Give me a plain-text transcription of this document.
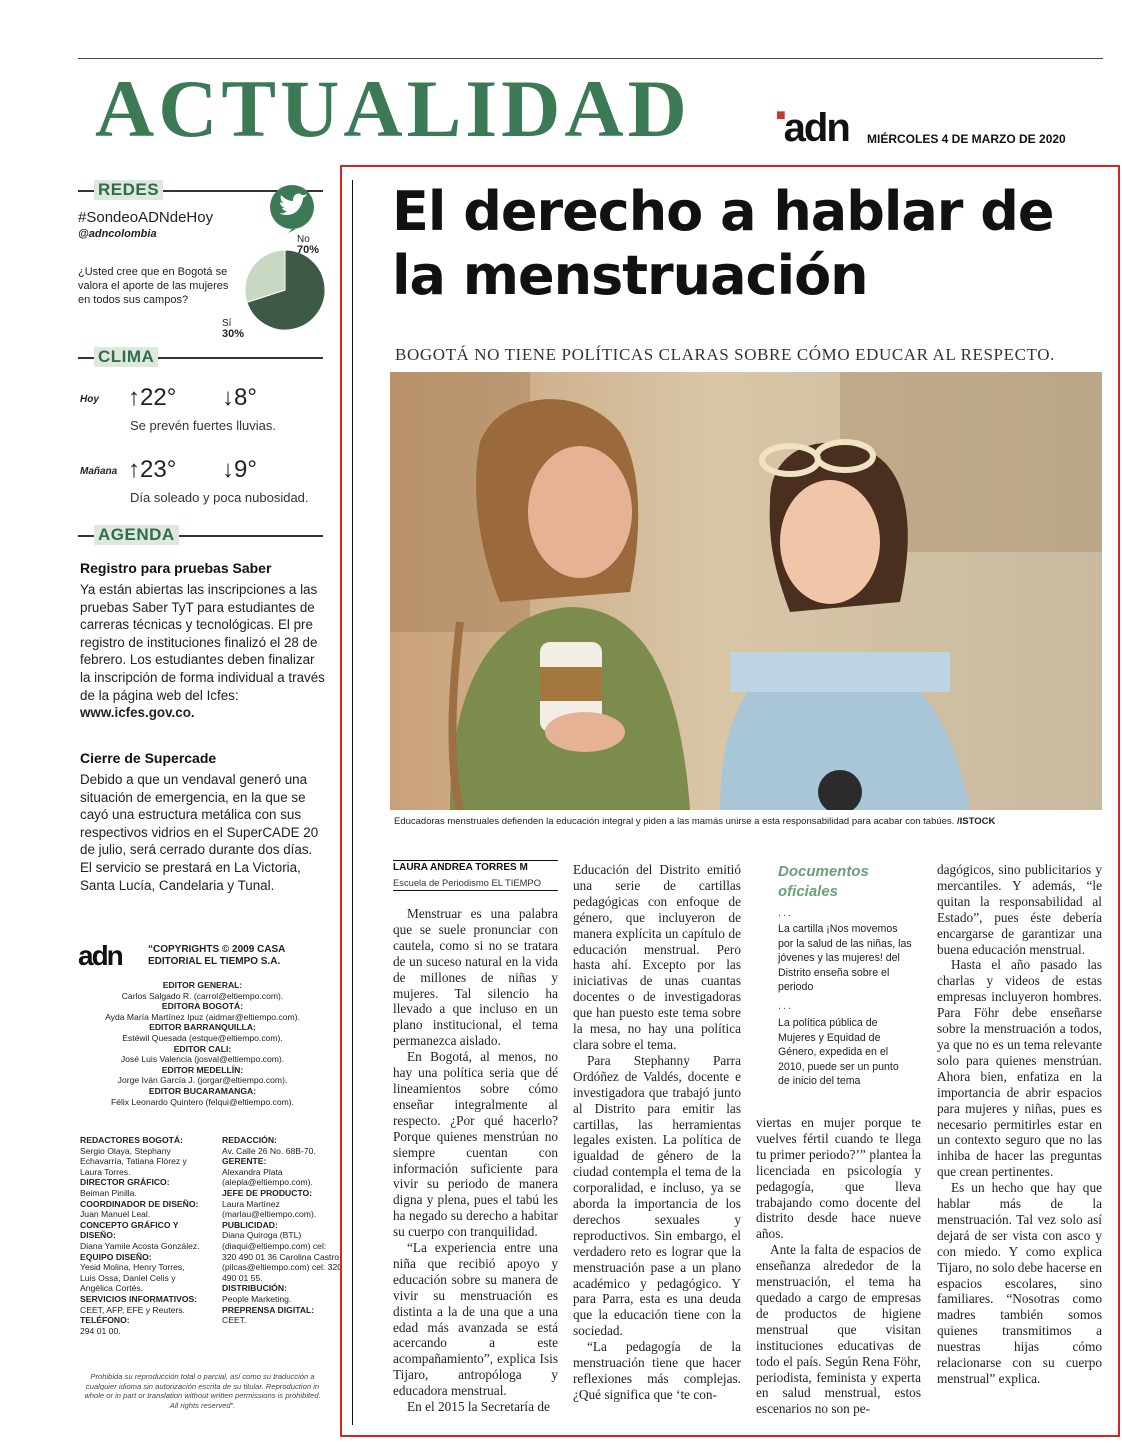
ACTUALIDAD	■adn MIÉRCOLES 4 DE MARZO DE 2020
REDES
#SondeoADNdeHoy
@adncolombia
¿Usted cree que en Bogotá se valora el aporte de las mujeres en todos sus campos?
No
70%
Sí
30%
CLIMA
Hoy ↑22° ↓8°
Se prevén fuertes lluvias.
Mañana ↑23° ↓9°
Día soleado y poca nubosidad.
AGENDA
Registro para pruebas Saber
Ya están abiertas las inscripciones a las pruebas Saber TyT para estudiantes de carreras técnicas y tecnológicas. El pre registro de instituciones finalizó el 28 de febrero. Los estudiantes deben finalizar la inscripción de forma individual a través de la página web del Icfes:
www.icfes.gov.co.
Cierre de Supercade
Debido a que un vendaval generó una situación de emergencia, en la que se cayó una estructura metálica con sus respectivos vidrios en el SuperCADE 20 de julio, será cerrado durante dos días. El servicio se prestará en La Victoria, Santa Lucía, Candelaria y Tunal.
adn	“COPYRIGHTS © 2009 CASA EDITORIAL EL TIEMPO S.A.
EDITOR GENERAL:
Carlos Salgado R. (carrol@eltiempo.com).
EDITORA BOGOTÁ:
Ayda María Martínez Ipuz (aidmar@eltiempo.com).
EDITOR BARRANQUILLA:
Estéwil Quesada (estque@eltiempo.com).
EDITOR CALI:
José Luis Valencia (josval@eltiempo.com).
EDITOR MEDELLÍN:
Jorge Iván García J. (jorgar@eltiempo.com).
EDITOR BUCARAMANGA:
Félix Leonardo Quintero (felqui@eltiempo.com).
REDACTORES BOGOTÁ:
Sergio Olaya, Stephany Echavarría, Tatiana Flórez y Laura Torres.
DIRECTOR GRÁFICO:
Beiman Pinilla.
COORDINADOR DE DISEÑO:
Juan Manuel Leal.
CONCEPTO GRÁFICO Y DISEÑO:
Diana Yamile Acosta González.
EQUIPO DISEÑO:
Yesid Molina, Henry Torres, Luis Ossa, Daniel Celis y Angélica Cortés.
SERVICIOS INFORMATIVOS:
CEET, AFP, EFE y Reuters.
TELÉFONO:
294 01 00.
REDACCIÓN:
Av. Calle 26 No. 68B-70.
GERENTE:
Alexandra Plata (alepla@eltiempo.com).
JEFE DE PRODUCTO:
Laura Martínez (marlau@eltiempo.com).
PUBLICIDAD:
Diana Quiroga (BTL) (diaqui@eltiempo.com) cel: 320 490 01 36 Carolina Castro (pilcas@eltiempo.com) cel: 320 490 01 55.
DISTRIBUCIÓN:
People Marketing.
PREPRENSA DIGITAL:
CEET.
Prohibida su reproducción total o parcial, así como su traducción a cualquier idioma sin autorización escrita de su titular. Reproduction in whole or in part or translation without written permissions is prohibited. All rights reserved”.
El derecho a hablar de la menstruación
BOGOTÁ NO TIENE POLÍTICAS CLARAS SOBRE CÓMO EDUCAR AL RESPECTO.
Educadoras menstruales defienden la educación integral y piden a las mamás unirse a esta responsabilidad para acabar con tabúes. /ISTOCK
LAURA ANDREA TORRES M
Escuela de Periodismo EL TIEMPO

Menstruar es una palabra que se suele pronunciar con cautela, como si no se tratara de un suceso natural en la vida de millones de niñas y mujeres. Tal silencio ha llevado a que incluso en un plano institucional, el tema permanezca aislado.

En Bogotá, al menos, no hay una política seria que dé lineamientos sobre cómo enseñar integralmente al respecto. ¿Por qué hacerlo? Porque quienes menstrúan no siempre cuentan con información suficiente para vivir su periodo de manera digna y plena, pues el tabú les ha negado su derecho a habitar su cuerpo con tranquilidad.

“La experiencia entre una niña que recibió apoyo y educación sobre su manera de vivir su menstruación es distinta a la de una que a una edad más avanzada se está acercando a este acompañamiento”, explica Isis Tijaro, antropóloga y educadora menstrual.

En el 2015 la Secretaría de

Educación del Distrito emitió una serie de cartillas pedagógicas con enfoque de género, que incluyeron de manera explícita un capítulo de educación menstrual. Pero hasta ahí. Excepto por las iniciativas de unas cuantas docentes o de investigadoras que han puesto este tema sobre la mesa, no hay una política clara sobre el tema.

Para Stephanny Parra Ordóñez de Valdés, docente e investigadora que trabajó junto al Distrito para emitir las cartillas, las herramientas legales existen. La política de igualdad de género de la ciudad contempla el tema de la corporalidad, e incluso, ya se aborda la importancia de los derechos sexuales y reproductivos. Sin embargo, el verdadero reto es lograr que la menstruación pase a un plano académico y pedagógico. Y para Parra, esta es una deuda que la educación tiene con la sociedad.

“La pedagogía de la menstruación tiene que hacer reflexiones más complejas. ¿Qué significa que ‘te con-

Documentos oficiales
...
La cartilla ¡Nos movemos por la salud de las niñas, las jóvenes y las mujeres! del Distrito enseña sobre el periodo
...
La política pública de Mujeres y Equidad de Género, expedida en el 2010, puede ser un punto de inicio del tema

viertas en mujer porque te vuelves fértil cuando te llega tu primer periodo?’” plantea la licenciada en psicología y pedagogía, que lleva trabajando como docente del distrito desde hace nueve años.

Ante la falta de espacios de enseñanza alrededor de la menstruación, el tema ha quedado a cargo de empresas de productos de higiene menstrual que visitan instituciones educativas de todo el país. Según Rena Föhr, periodista, feminista y experta en salud menstrual, estos escenarios no son pe-

dagógicos, sino publicitarios y mercantiles. Y además, “le quitan la responsabilidad al Estado”, pues éste debería encargarse de garantizar una buena educación menstrual.

Hasta el año pasado las charlas y videos de estas empresas incluyeron hombres. Para Föhr debe enseñarse sobre la menstruación a todos, ya que no es un tema relevante solo para quienes menstrúan. Ahora bien, enfatiza en la importancia de abrir espacios para mujeres y niñas, pues es necesario permitirles estar en un contexto seguro que no las inhiba de hacer las preguntas que crean pertinentes.

Es un hecho que hay que hablar más de la menstruación. Tal vez solo así dejará de ser vista con asco y con miedo. Y como explica Tijaro, no solo debe hacerse en espacios escolares, sino familiares. “Nosotras como madres también somos quienes transmitimos a nuestras hijas cómo relacionarse con su cuerpo menstrual” explica.
